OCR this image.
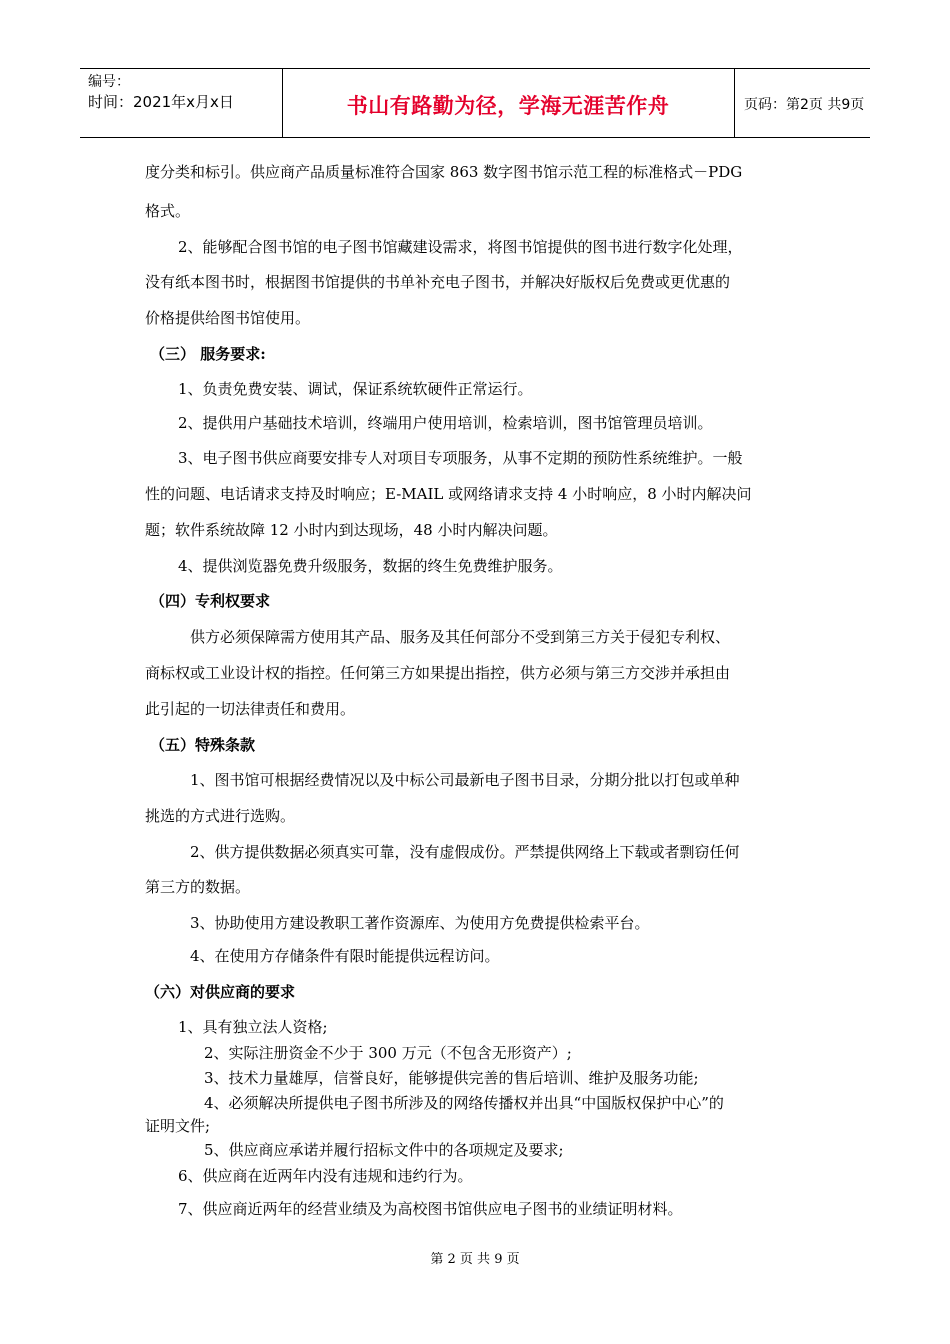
编号：
时间：2021年x月x日	书山有路勤为径，学海无涯苦作舟	页码：第2页 共9页
度分类和标引。供应商产品质量标准符合国家 863 数字图书馆示范工程的标准格式－PDG
格式。
2、能够配合图书馆的电子图书馆藏建设需求，将图书馆提供的图书进行数字化处理，
没有纸本图书时，根据图书馆提供的书单补充电子图书，并解决好版权后免费或更优惠的
价格提供给图书馆使用。
（三） 服务要求:
1、负责免费安装、调试，保证系统软硬件正常运行。
2、提供用户基础技术培训，终端用户使用培训，检索培训，图书馆管理员培训。
3、电子图书供应商要安排专人对项目专项服务，从事不定期的预防性系统维护。一般
性的问题、电话请求支持及时响应；E-MAIL 或网络请求支持 4 小时响应，8 小时内解决问
题；软件系统故障 12 小时内到达现场，48 小时内解决问题。
4、提供浏览器免费升级服务，数据的终生免费维护服务。
（四）专利权要求
供方必须保障需方使用其产品、服务及其任何部分不受到第三方关于侵犯专利权、
商标权或工业设计权的指控。任何第三方如果提出指控，供方必须与第三方交涉并承担由
此引起的一切法律责任和费用。
（五）特殊条款
1、图书馆可根据经费情况以及中标公司最新电子图书目录，分期分批以打包或单种
挑选的方式进行选购。
2、供方提供数据必须真实可靠，没有虚假成份。严禁提供网络上下载或者剽窃任何
第三方的数据。
3、协助使用方建设教职工著作资源库、为使用方免费提供检索平台。
4、在使用方存储条件有限时能提供远程访问。
（六）对供应商的要求
1、具有独立法人资格;
2、实际注册资金不少于 300 万元（不包含无形资产）;
3、技术力量雄厚，信誉良好，能够提供完善的售后培训、维护及服务功能;
4、必须解决所提供电子图书所涉及的网络传播权并出具“中国版权保护中心”的
证明文件;
5、供应商应承诺并履行招标文件中的各项规定及要求;
6、供应商在近两年内没有违规和违约行为。
7、供应商近两年的经营业绩及为高校图书馆供应电子图书的业绩证明材料。
第 2 页 共 9 页
